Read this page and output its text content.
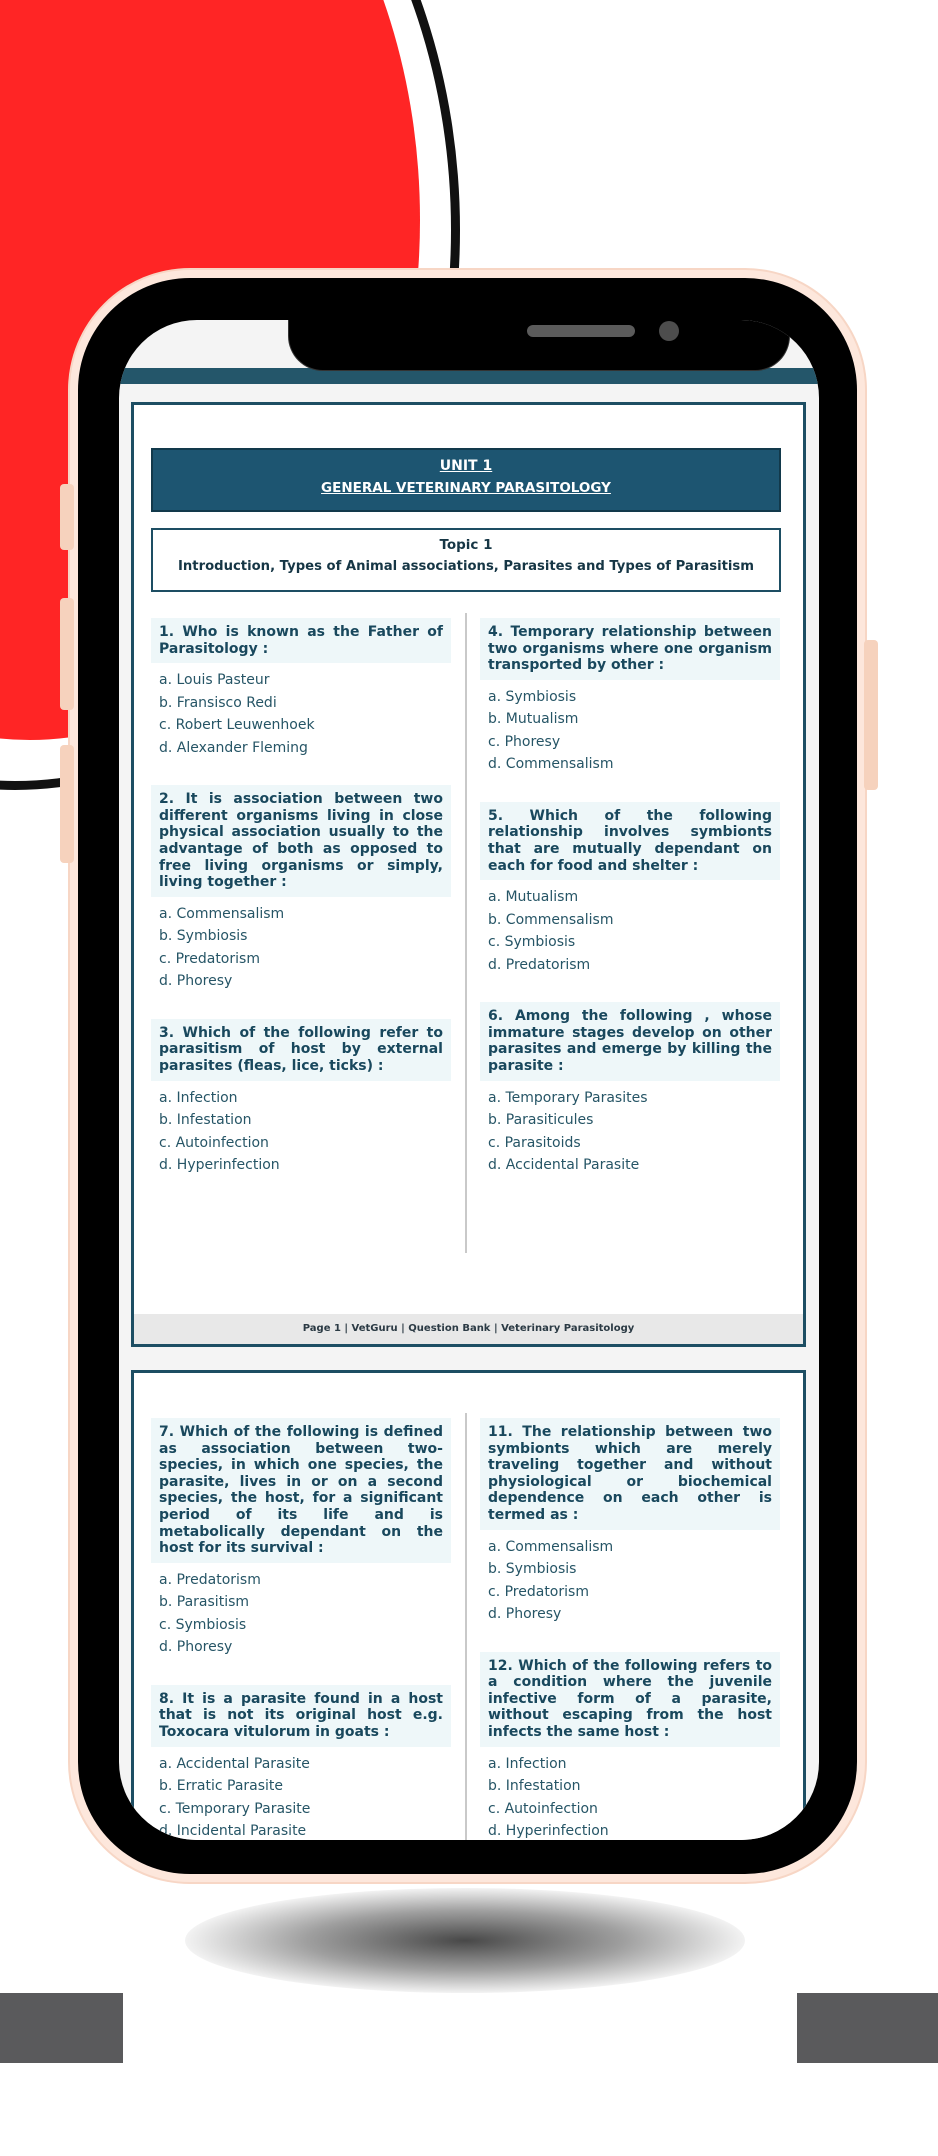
UNIT 1
GENERAL VETERINARY PARASITOLOGY
Topic 1
Introduction, Types of Animal associations, Parasites and Types of Parasitism
1. Who is known as the Father of Parasitology :
a. Louis Pasteur
b. Fransisco Redi
c. Robert Leuwenhoek
d. Alexander Fleming
2. It is association between two different organisms living in close physical association usually to the advantage of both as opposed to free living organisms or simply, living together :
a. Commensalism
b. Symbiosis
c. Predatorism
d. Phoresy
3. Which of the following refer to parasitism of host by external parasites (fleas, lice, ticks) :
a. Infection
b. Infestation
c. Autoinfection
d. Hyperinfection
4. Temporary relationship between two organisms where one organism transported by other :
a. Symbiosis
b. Mutualism
c. Phoresy
d. Commensalism
5. Which of the following relationship involves symbionts that are mutually dependant on each for food and shelter :
a. Mutualism
b. Commensalism
c. Symbiosis
d. Predatorism
6. Among the following , whose immature stages develop on other parasites and emerge by killing the parasite :
a. Temporary Parasites
b. Parasiticules
c. Parasitoids
d. Accidental Parasite
Page 1 | VetGuru | Question Bank | Veterinary Parasitology
7. Which of the following is defined as association between two-species, in which one species, the parasite, lives in or on a second species, the host, for a significant period of its life and is metabolically dependant on the host for its survival :
a. Predatorism
b. Parasitism
c. Symbiosis
d. Phoresy
8. It is a parasite found in a host that is not its original host e.g. Toxocara vitulorum in goats :
a. Accidental Parasite
b. Erratic Parasite
c. Temporary Parasite
d. Incidental Parasite
11. The relationship between two symbionts which are merely traveling together and without physiological or biochemical dependence on each other is termed as :
a. Commensalism
b. Symbiosis
c. Predatorism
d. Phoresy
12. Which of the following refers to a condition where the juvenile infective form of a parasite, without escaping from the host infects the same host :
a. Infection
b. Infestation
c. Autoinfection
d. Hyperinfection
